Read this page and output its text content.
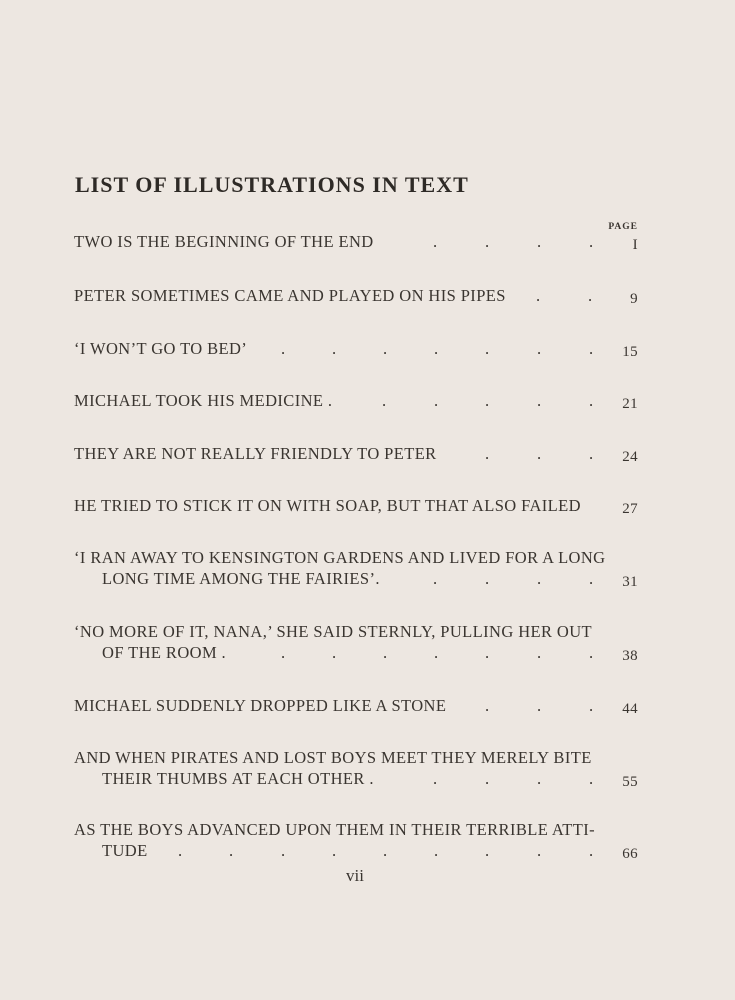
LIST OF ILLUSTRATIONS IN TEXT
PAGE
TWO IS THE BEGINNING OF THE END	.	.	.	.	I
PETER SOMETIMES CAME AND PLAYED ON HIS PIPES .	.	9
‘I WON’T GO TO BED’ .	.	.	.	.	.	. 15
MICHAEL TOOK HIS MEDICINE .	.	.	.	.	. 21
THEY ARE NOT REALLY FRIENDLY TO PETER	.	.	. 24
HE TRIED TO STICK IT ON WITH SOAP, BUT THAT ALSO FAILED	27
‘I RAN AWAY TO KENSINGTON GARDENS AND LIVED FOR A LONG
LONG TIME AMONG THE FAIRIES’.	.	.	.	. 31
‘NO MORE OF IT, NANA,’ SHE SAID STERNLY, PULLING HER OUT
OF THE ROOM .	.	.	.	.	.	.	. 38
MICHAEL SUDDENLY DROPPED LIKE A STONE .	.	. 44
AND WHEN PIRATES AND LOST BOYS MEET THEY MERELY BITE
THEIR THUMBS AT EACH OTHER .	.	.	.	. 55
AS THE BOYS ADVANCED UPON THEM IN THEIR TERRIBLE ATTI-
TUDE .	.	.	.	.	.	.	.	. 66
vii
